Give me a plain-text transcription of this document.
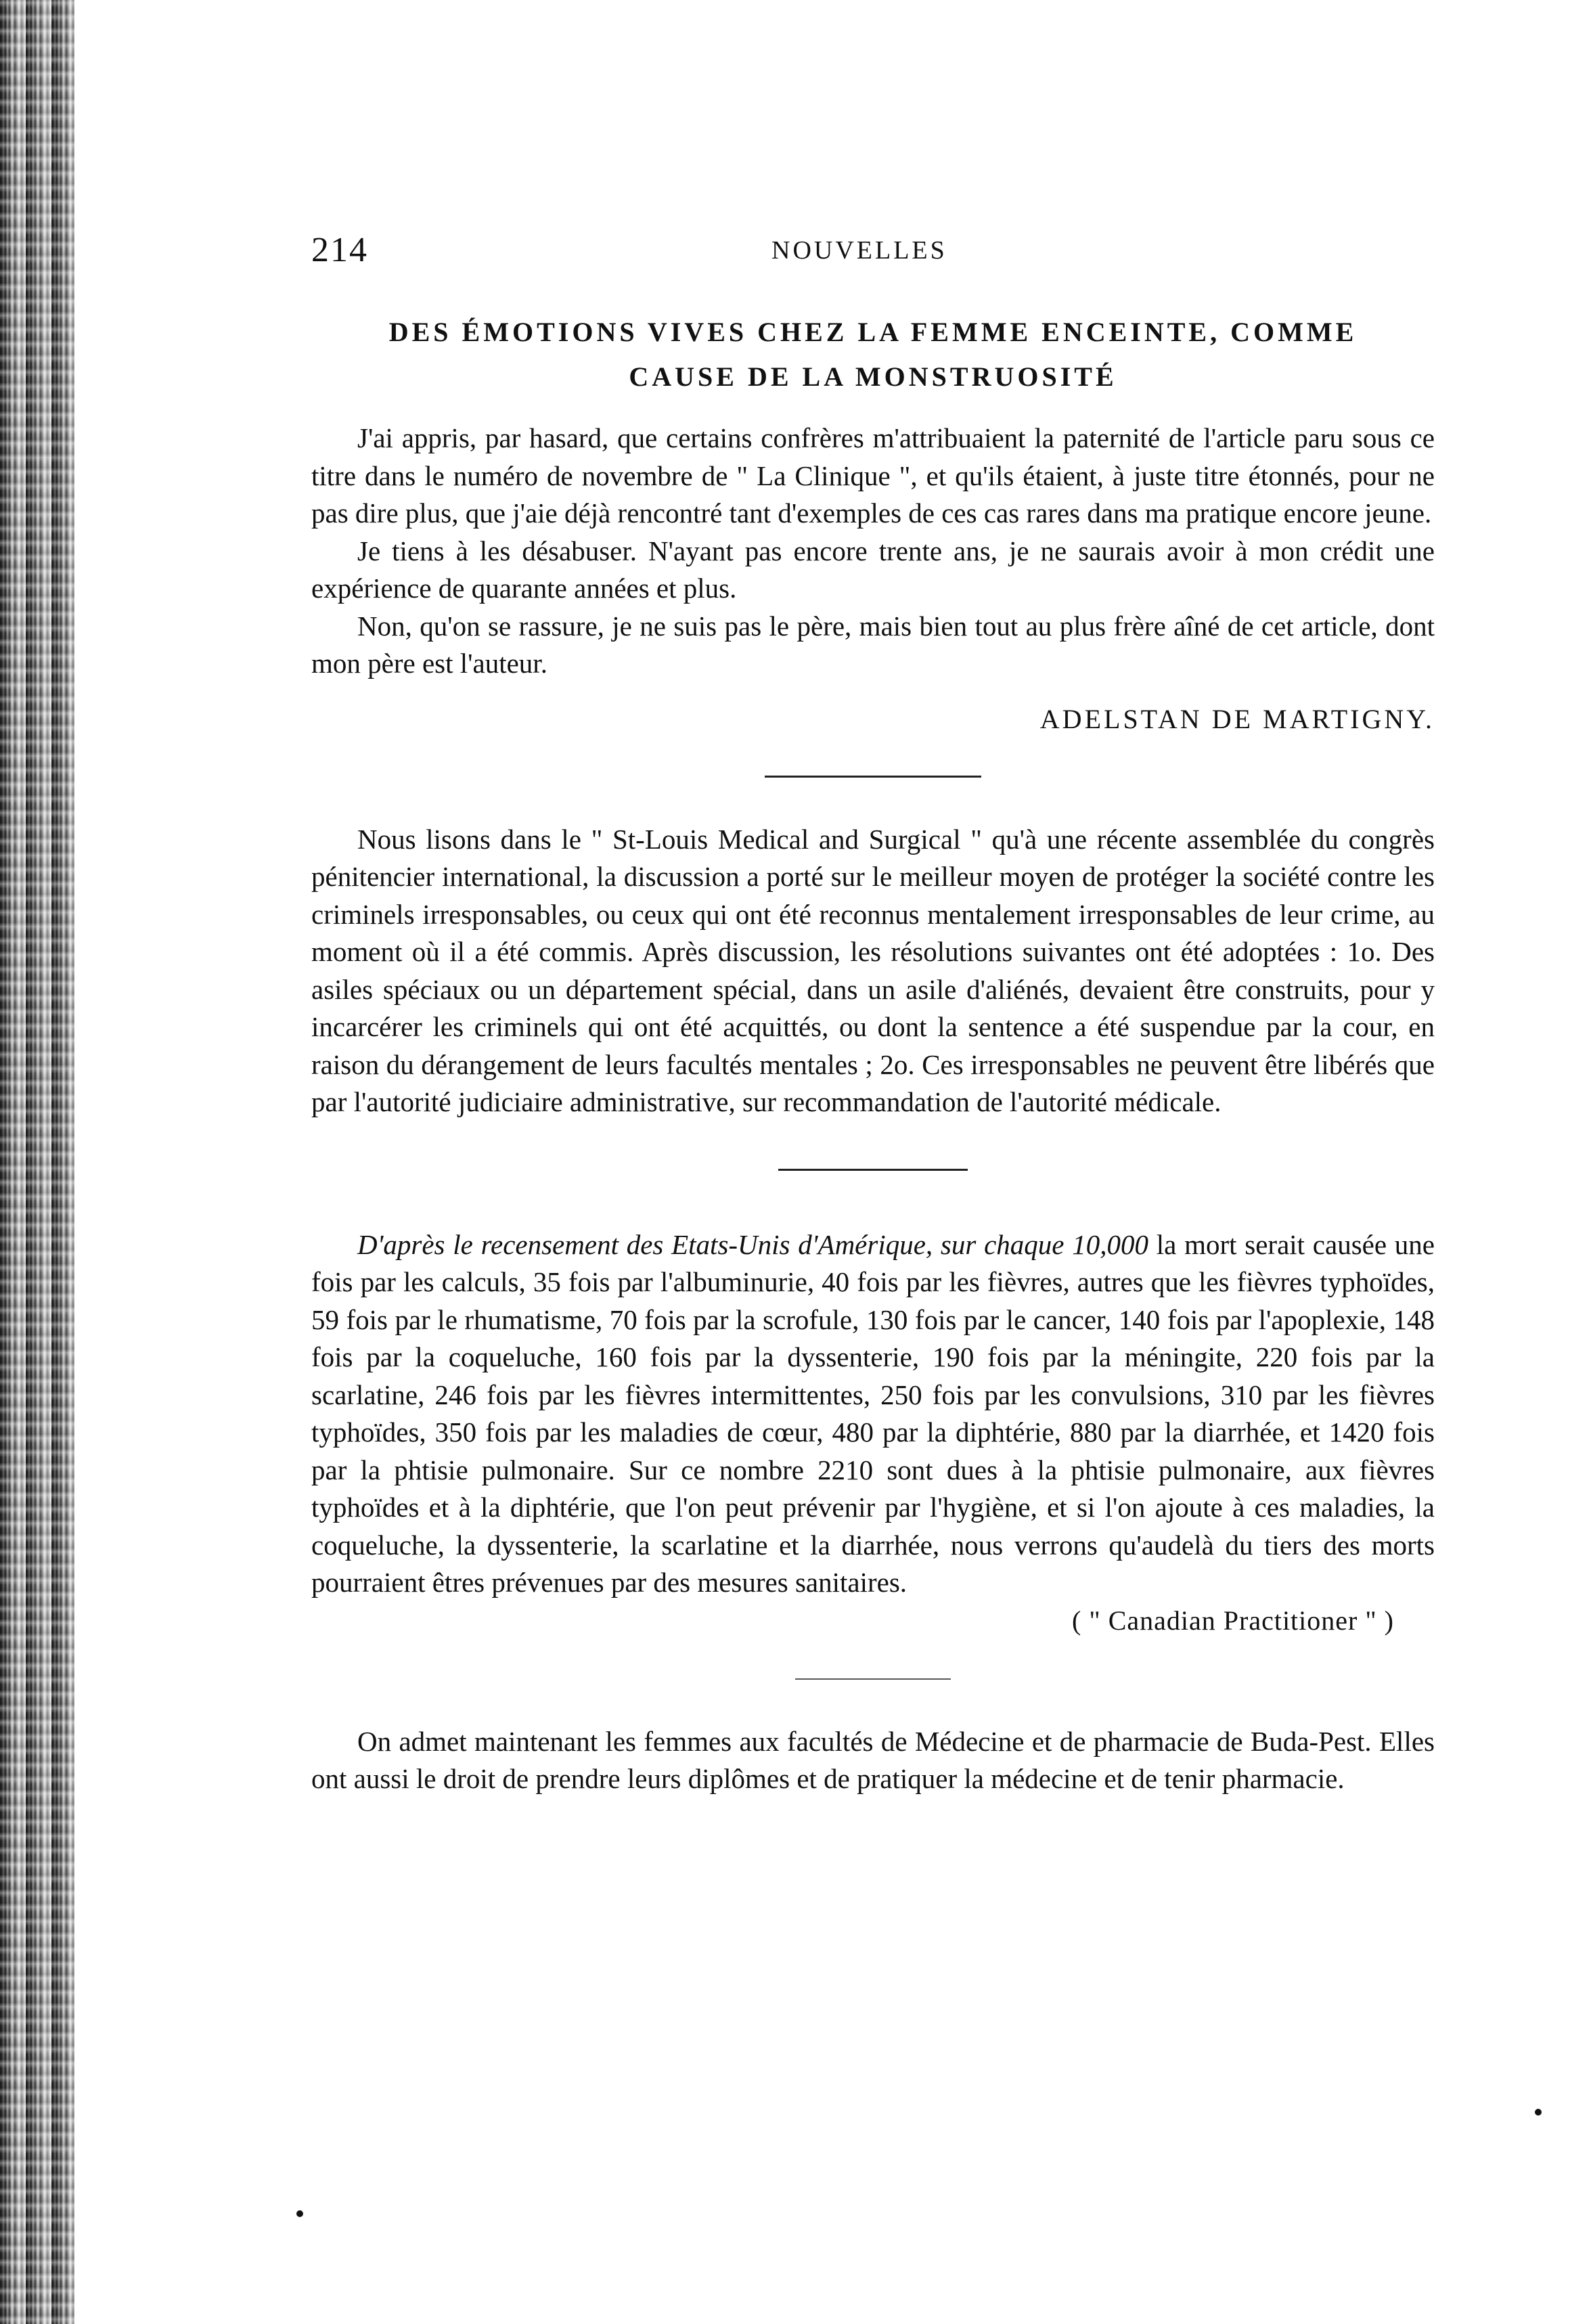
214	NOUVELLES
DES ÉMOTIONS VIVES CHEZ LA FEMME ENCEINTE, COMME
CAUSE DE LA MONSTRUOSITÉ

J'ai appris, par hasard, que certains confrères m'attribuaient la paternité de l'article paru sous ce titre dans le numéro de novembre de " La Clinique ", et qu'ils étaient, à juste titre étonnés, pour ne pas dire plus, que j'aie déjà rencontré tant d'exemples de ces cas rares dans ma pratique encore jeune.

Je tiens à les désabuser. N'ayant pas encore trente ans, je ne saurais avoir à mon crédit une expérience de quarante années et plus.

Non, qu'on se rassure, je ne suis pas le père, mais bien tout au plus frère aîné de cet article, dont mon père est l'auteur.

ADELSTAN DE MARTIGNY.

Nous lisons dans le " St-Louis Medical and Surgical " qu'à une récente assemblée du congrès pénitencier international, la discussion a porté sur le meilleur moyen de protéger la société contre les criminels irresponsables, ou ceux qui ont été reconnus mentalement irresponsables de leur crime, au moment où il a été commis. Après discussion, les résolutions suivantes ont été adoptées : 1o. Des asiles spéciaux ou un département spécial, dans un asile d'aliénés, devaient être construits, pour y incarcérer les criminels qui ont été acquittés, ou dont la sentence a été suspendue par la cour, en raison du dérangement de leurs facultés mentales ; 2o. Ces irresponsables ne peuvent être libérés que par l'autorité judiciaire administrative, sur recommandation de l'autorité médicale.

D'après le recensement des Etats-Unis d'Amérique, sur chaque 10,000 la mort serait causée une fois par les calculs, 35 fois par l'albuminurie, 40 fois par les fièvres, autres que les fièvres typhoïdes, 59 fois par le rhumatisme, 70 fois par la scrofule, 130 fois par le cancer, 140 fois par l'apoplexie, 148 fois par la coqueluche, 160 fois par la dyssenterie, 190 fois par la méningite, 220 fois par la scarlatine, 246 fois par les fièvres intermittentes, 250 fois par les convulsions, 310 par les fièvres typhoïdes, 350 fois par les maladies de cœur, 480 par la diphtérie, 880 par la diarrhée, et 1420 fois par la phtisie pulmonaire. Sur ce nombre 2210 sont dues à la phtisie pulmonaire, aux fièvres typhoïdes et à la diphtérie, que l'on peut prévenir par l'hygiène, et si l'on ajoute à ces maladies, la coqueluche, la dyssenterie, la scarlatine et la diarrhée, nous verrons qu'audelà du tiers des morts pourraient êtres prévenues par des mesures sanitaires.

( " Canadian Practitioner " )

On admet maintenant les femmes aux facultés de Médecine et de pharmacie de Buda-Pest. Elles ont aussi le droit de prendre leurs diplômes et de pratiquer la médecine et de tenir pharmacie.
